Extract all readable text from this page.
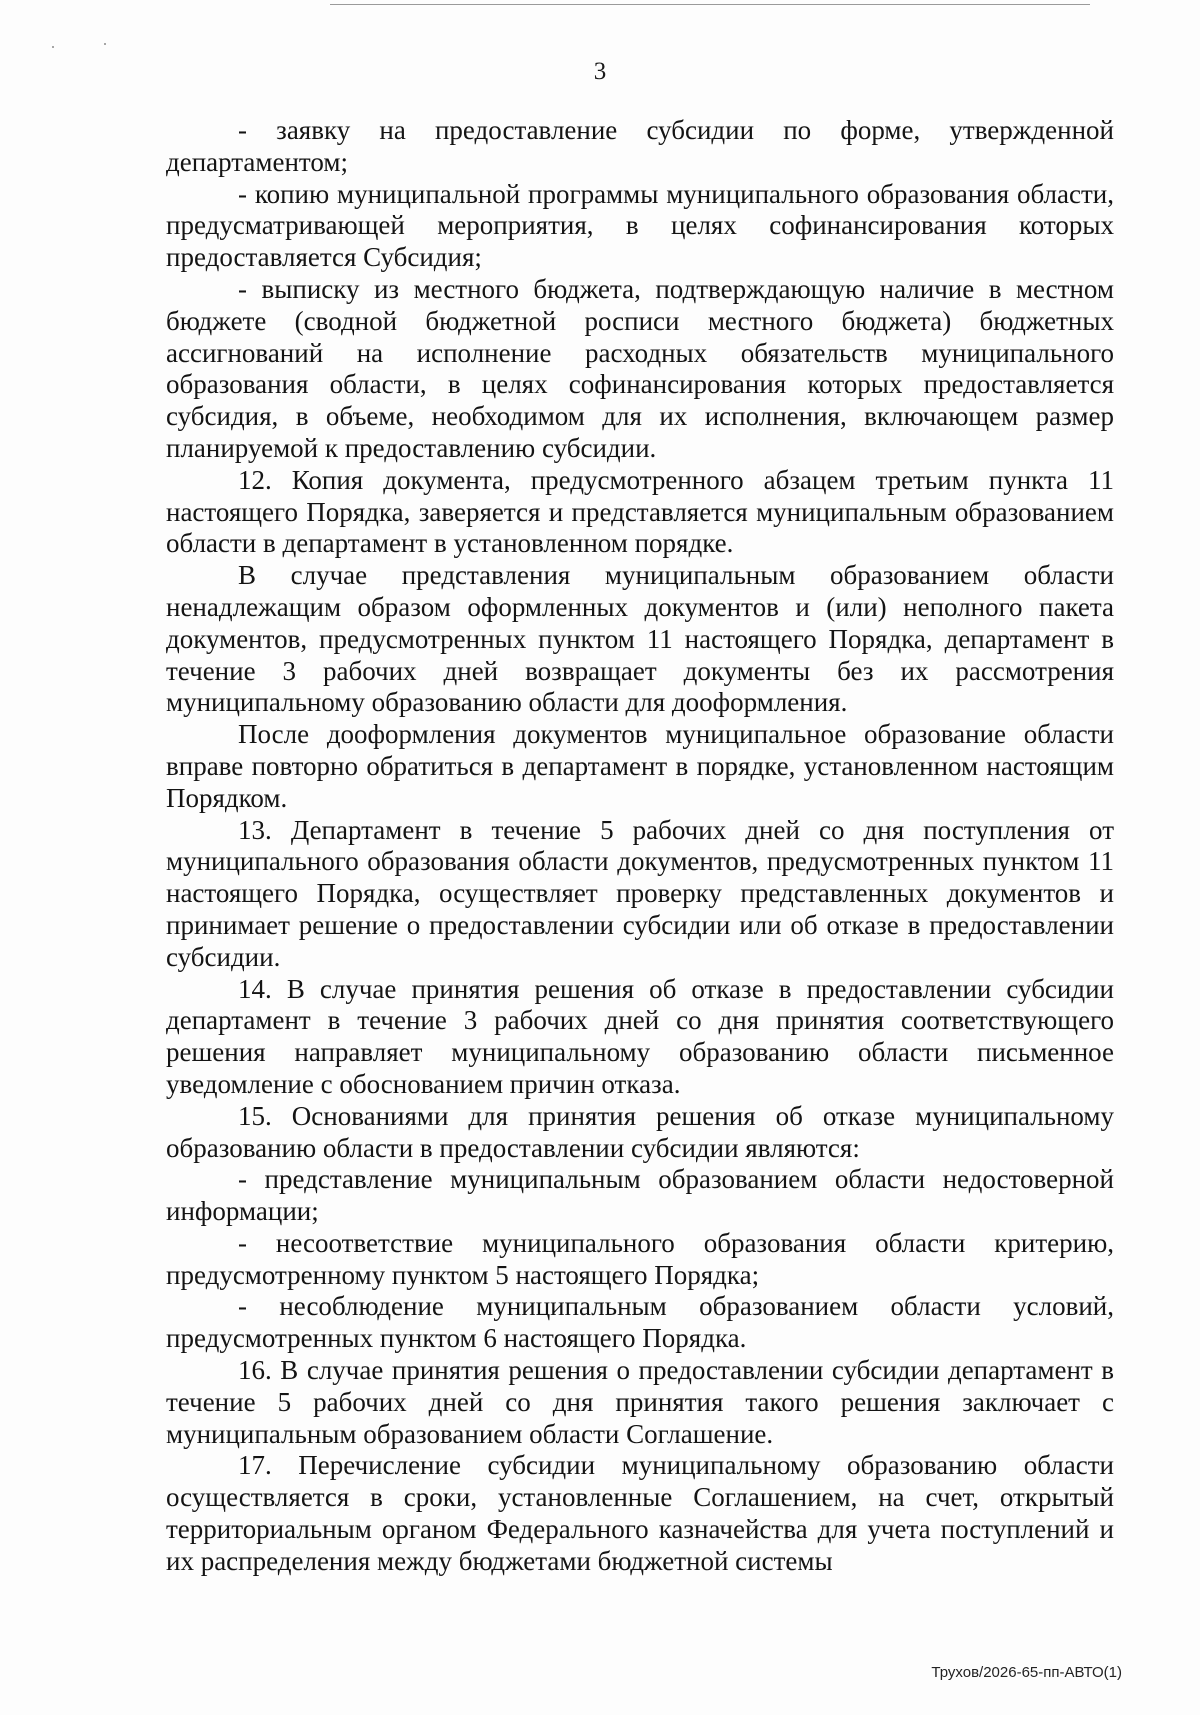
3

- заявку на предоставление субсидии по форме, утвержденной департаментом;

- копию муниципальной программы муниципального образования области, предусматривающей мероприятия, в целях софинансирования которых предоставляется Субсидия;

- выписку из местного бюджета, подтверждающую наличие в местном бюджете (сводной бюджетной росписи местного бюджета) бюджетных ассигнований на исполнение расходных обязательств муниципального образования области, в целях софинансирования которых предоставляется субсидия, в объеме, необходимом для их исполнения, включающем размер планируемой к предоставлению субсидии.

12. Копия документа, предусмотренного абзацем третьим пункта 11 настоящего Порядка, заверяется и представляется муниципальным образованием области в департамент в установленном порядке.

В случае представления муниципальным образованием области ненадлежащим образом оформленных документов и (или) неполного пакета документов, предусмотренных пунктом 11 настоящего Порядка, департамент в течение 3 рабочих дней возвращает документы без их рассмотрения муниципальному образованию области для дооформления.

После дооформления документов муниципальное образование области вправе повторно обратиться в департамент в порядке, установленном настоящим Порядком.

13. Департамент в течение 5 рабочих дней со дня поступления от муниципального образования области документов, предусмотренных пунктом 11 настоящего Порядка, осуществляет проверку представленных документов и принимает решение о предоставлении субсидии или об отказе в предоставлении субсидии.

14. В случае принятия решения об отказе в предоставлении субсидии департамент в течение 3 рабочих дней со дня принятия соответствующего решения направляет муниципальному образованию области письменное уведомление с обоснованием причин отказа.

15. Основаниями для принятия решения об отказе муниципальному образованию области в предоставлении субсидии являются:

- представление муниципальным образованием области недостоверной информации;

- несоответствие муниципального образования области критерию, предусмотренному пунктом 5 настоящего Порядка;

- несоблюдение муниципальным образованием области условий, предусмотренных пунктом 6 настоящего Порядка.

16. В случае принятия решения о предоставлении субсидии департамент в течение 5 рабочих дней со дня принятия такого решения заключает с муниципальным образованием области Соглашение.

17. Перечисление субсидии муниципальному образованию области осуществляется в сроки, установленные Соглашением, на счет, открытый территориальным органом Федерального казначейства для учета поступлений и их распределения между бюджетами бюджетной системы

Трухов/2026-65-пп-АВТО(1)
